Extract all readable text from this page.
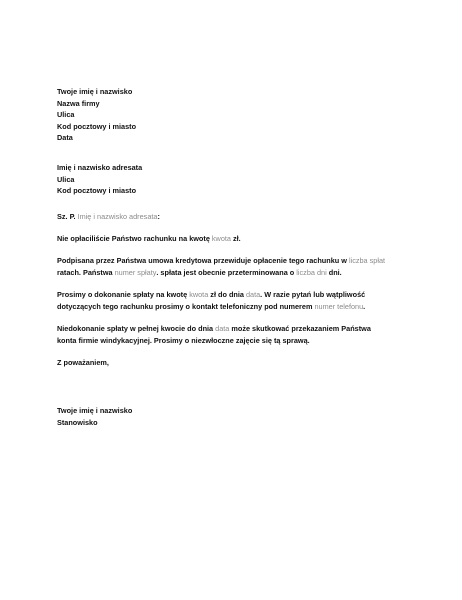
Twoje imię i nazwisko
Nazwa firmy
Ulica
Kod pocztowy i miasto
Data
Imię i nazwisko adresata
Ulica
Kod pocztowy i miasto
Sz. P. Imię i nazwisko adresata:
Nie opłaciliście Państwo rachunku na kwotę kwota zł.
Podpisana przez Państwa umowa kredytowa przewiduje opłacenie tego rachunku w liczba spłat
ratach. Państwa numer spłaty. spłata jest obecnie przeterminowana o liczba dni dni.
Prosimy o dokonanie spłaty na kwotę kwota zł do dnia data. W razie pytań lub wątpliwość
dotyczących tego rachunku prosimy o kontakt telefoniczny pod numerem numer telefonu.
Niedokonanie spłaty w pełnej kwocie do dnia data może skutkować przekazaniem Państwa
konta firmie windykacyjnej. Prosimy o niezwłoczne zajęcie się tą sprawą.
Z poważaniem,
Twoje imię i nazwisko
Stanowisko
